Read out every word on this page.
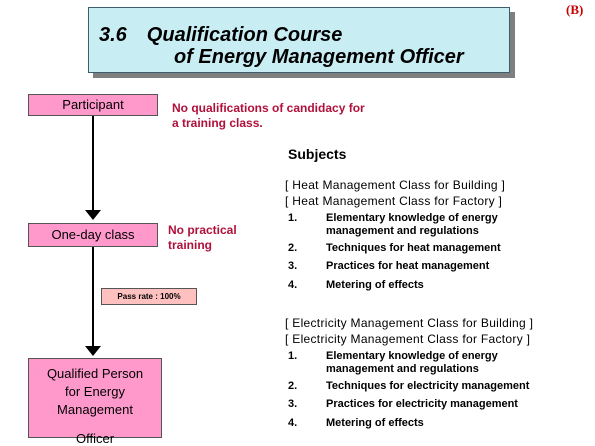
(B)
3.6　Qualification Course
of Energy Management Officer
Participant	No qualifications of candidacy for
a training class.
One-day class	No practical
training
Pass rate : 100%
Qualified Person
for Energy
Management
Officer
Subjects
[ Heat Management Class for Building ]
[ Heat Management Class for Factory ]
1.	Elementary knowledge of energy management and regulations
2.	Techniques for heat management
3.	Practices for heat management
4.	Metering of effects
[ Electricity Management Class for Building ]
[ Electricity Management Class for Factory ]
1.	Elementary knowledge of energy management and regulations
2.	Techniques for electricity management
3.	Practices for electricity management
4.	Metering of effects
